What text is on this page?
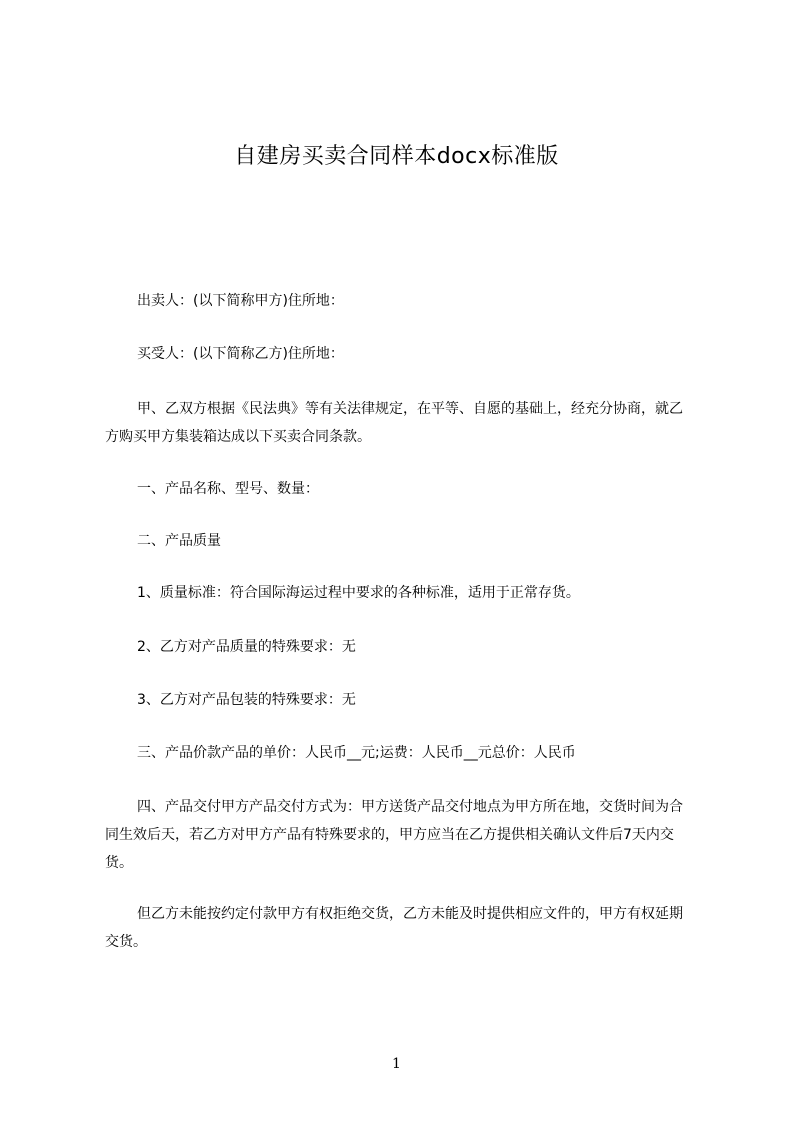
自建房买卖合同样本docx标准版

出卖人：(以下简称甲方)住所地：

买受人：(以下简称乙方)住所地：

甲、乙双方根据《民法典》等有关法律规定，在平等、自愿的基础上，经充分协商，就乙方购买甲方集装箱达成以下买卖合同条款。

一、产品名称、型号、数量：

二、产品质量

1、质量标准：符合国际海运过程中要求的各种标准，适用于正常存货。

2、乙方对产品质量的特殊要求：无

3、乙方对产品包装的特殊要求：无

三、产品价款产品的单价：人民币__元;运费：人民币__元总价：人民币

四、产品交付甲方产品交付方式为：甲方送货产品交付地点为甲方所在地，交货时间为合同生效后天，若乙方对甲方产品有特殊要求的，甲方应当在乙方提供相关确认文件后7天内交货。

但乙方未能按约定付款甲方有权拒绝交货，乙方未能及时提供相应文件的，甲方有权延期交货。

1
